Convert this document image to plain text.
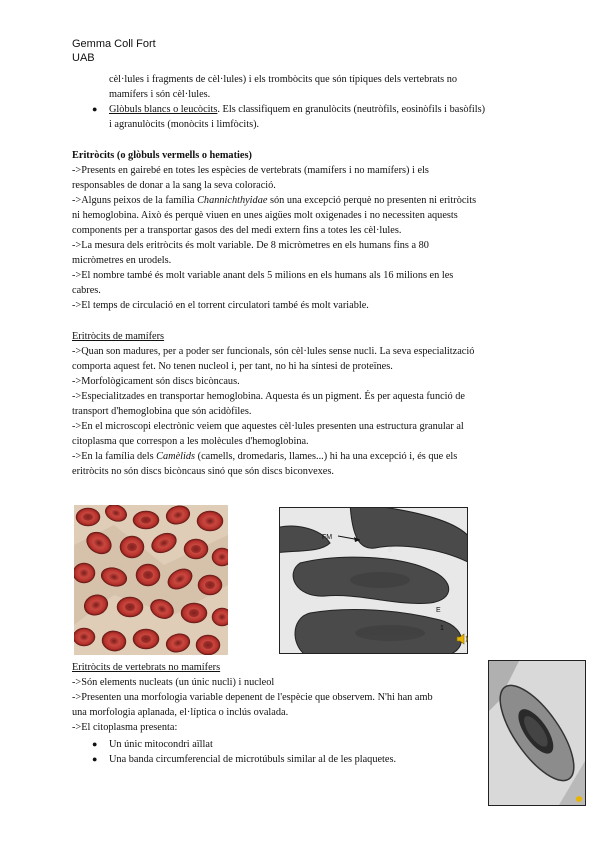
Gemma Coll Fort
UAB
cèl·lules i fragments de cèl·lules) i els trombòcits que són típiques dels vertebrats no
mamífers i són cèl·lules.
● Glòbuls blancs o leucòcits. Els classifiquem en granulòcits (neutròfils, eosinòfils i basòfils)
i agranulòcits (monòcits i limfòcits).
Eritròcits (o glòbuls vermells o hematies)
->Presents en gairebé en totes les espècies de vertebrats (mamífers i no mamífers) i els
responsables de donar a la sang la seva coloració.
->Alguns peixos de la família Channichthyidae són una excepció perquè no presenten ni eritròcits
ni hemoglobina. Això és perquè viuen en unes aigües molt oxigenades i no necessiten aquests
components per a transportar gasos des del medi extern fins a totes les cèl·lules.
->La mesura dels eritròcits és molt variable. De 8 micròmetres en els humans fins a 80
micròmetres en urodels.
->El nombre també és molt variable anant dels 5 milions en els humans als 16 milions en les
cabres.
->El temps de circulació en el torrent circulatori també és molt variable.
Eritròcits de mamífers
->Quan son madures, per a poder ser funcionals, són cèl·lules sense nucli. La seva especialització
comporta aquest fet. No tenen nucleol i, per tant, no hi ha síntesi de proteïnes.
->Morfològicament són discs bicòncaus.
->Especialitzades en transportar hemoglobina. Aquesta és un pigment. És per aquesta funció de
transport d'hemoglobina que són acidòfiles.
->En el microscopi electrònic veiem que aquestes cèl·lules presenten una estructura granular al
citoplasma que correspon a les molècules d'hemoglobina.
->En la família dels Camèlids (camells, dromedaris, llames...) hi ha una excepció i, és que els
eritròcits no són discs bicòncaus sinó que són discs biconvexes.
FM
E
E
1
Eritròcits de vertebrats no mamífers
->Són elements nucleats (un únic nucli) i nucleol
->Presenten una morfologia variable depenent de l'espècie que observem. N'hi han amb
una morfologia aplanada, el·líptica o inclús ovalada.
->El citoplasma presenta:
● Un únic mitocondri aïllat
● Una banda circumferencial de microtúbuls similar al de les plaquetes.
